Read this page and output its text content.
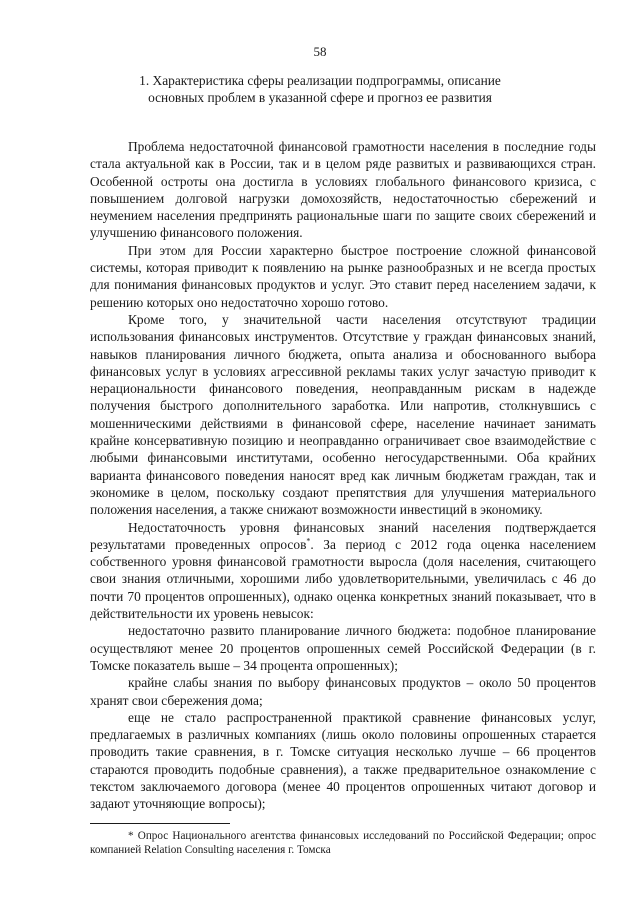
58
1. Характеристика сферы реализации подпрограммы, описание основных проблем в указанной сфере и прогноз ее развития

Проблема недостаточной финансовой грамотности населения в последние годы стала актуальной как в России, так и в целом ряде развитых и развивающихся стран. Особенной остроты она достигла в условиях глобального финансового кризиса, с повышением долговой нагрузки домохозяйств, недостаточностью сбережений и неумением населения предпринять рациональные шаги по защите своих сбережений и улучшению финансового положения.

При этом для России характерно быстрое построение сложной финансовой системы, которая приводит к появлению на рынке разнообразных и не всегда простых для понимания финансовых продуктов и услуг. Это ставит перед населением задачи, к решению которых оно недостаточно хорошо готово.

Кроме того, у значительной части населения отсутствуют традиции использования финансовых инструментов. Отсутствие у граждан финансовых знаний, навыков планирования личного бюджета, опыта анализа и обоснованного выбора финансовых услуг в условиях агрессивной рекламы таких услуг зачастую приводит к нерациональности финансового поведения, неоправданным рискам в надежде получения быстрого дополнительного заработка. Или напротив, столкнувшись с мошенническими действиями в финансовой сфере, население начинает занимать крайне консервативную позицию и неоправданно ограничивает свое взаимодействие с любыми финансовыми институтами, особенно негосударственными. Оба крайних варианта финансового поведения наносят вред как личным бюджетам граждан, так и экономике в целом, поскольку создают препятствия для улучшения материального положения населения, а также снижают возможности инвестиций в экономику.

Недостаточность уровня финансовых знаний населения подтверждается результатами проведенных опросов*. За период с 2012 года оценка населением собственного уровня финансовой грамотности выросла (доля населения, считающего свои знания отличными, хорошими либо удовлетворительными, увеличилась с 46 до почти 70 процентов опрошенных), однако оценка конкретных знаний показывает, что в действительности их уровень невысок:

недостаточно развито планирование личного бюджета: подобное планирование осуществляют менее 20 процентов опрошенных семей Российской Федерации (в г. Томске показатель выше – 34 процента опрошенных);

крайне слабы знания по выбору финансовых продуктов – около 50 процентов хранят свои сбережения дома;

еще не стало распространенной практикой сравнение финансовых услуг, предлагаемых в различных компаниях (лишь около половины опрошенных старается проводить такие сравнения, в г. Томске ситуация несколько лучше – 66 процентов стараются проводить подобные сравнения), а также предварительное ознакомление с текстом заключаемого договора (менее 40 процентов опрошенных читают договор и задают уточняющие вопросы);

* Опрос Национального агентства финансовых исследований по Российской Федерации; опрос компанией Relation Consulting населения г. Томска
